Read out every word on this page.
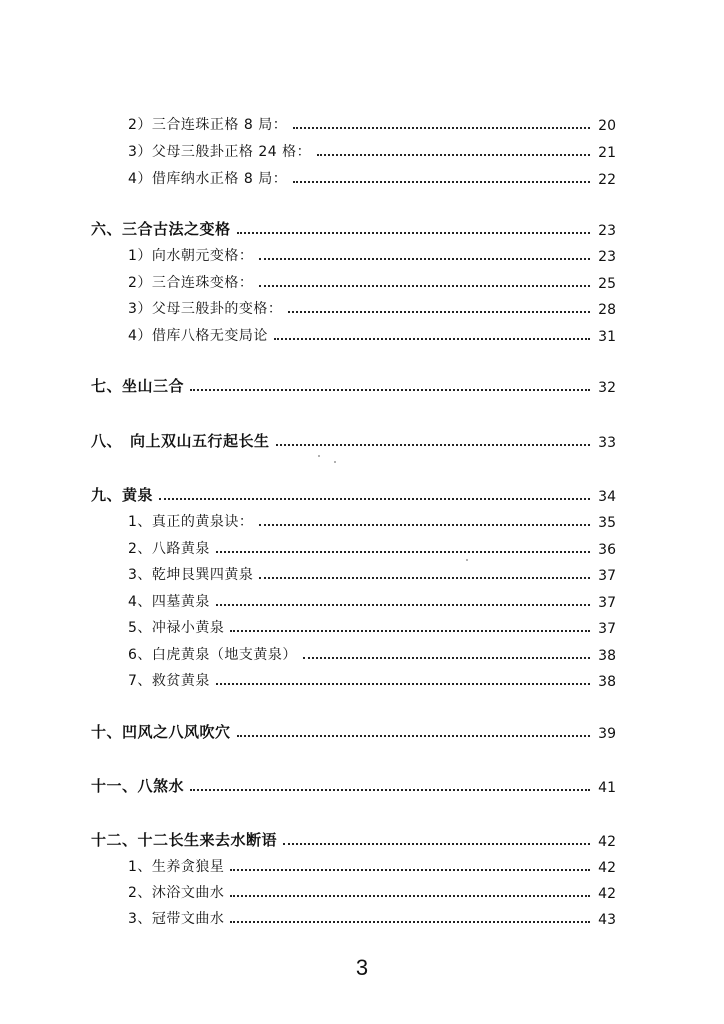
2）三合连珠正格 8 局：	20
3）父母三般卦正格 24 格：	21
4）借库纳水正格 8 局：	22
六、三合古法之变格	23
1）向水朝元变格：	23
2）三合连珠变格：	25
3）父母三般卦的变格：	28
4）借库八格无变局论	31
七、坐山三合	32
八、　向上双山五行起长生	33
九、黄泉	34
1、真正的黄泉诀：	35
2、八路黄泉	36
3、乾坤艮巽四黄泉	37
4、四墓黄泉	37
5、冲禄小黄泉	37
6、白虎黄泉（地支黄泉）	38
7、救贫黄泉	38
十、凹风之八风吹穴	39
十一、八煞水	41
十二、十二长生来去水断语	42
1、生养贪狼星	42
2、沐浴文曲水	42
3、冠带文曲水	43
3
